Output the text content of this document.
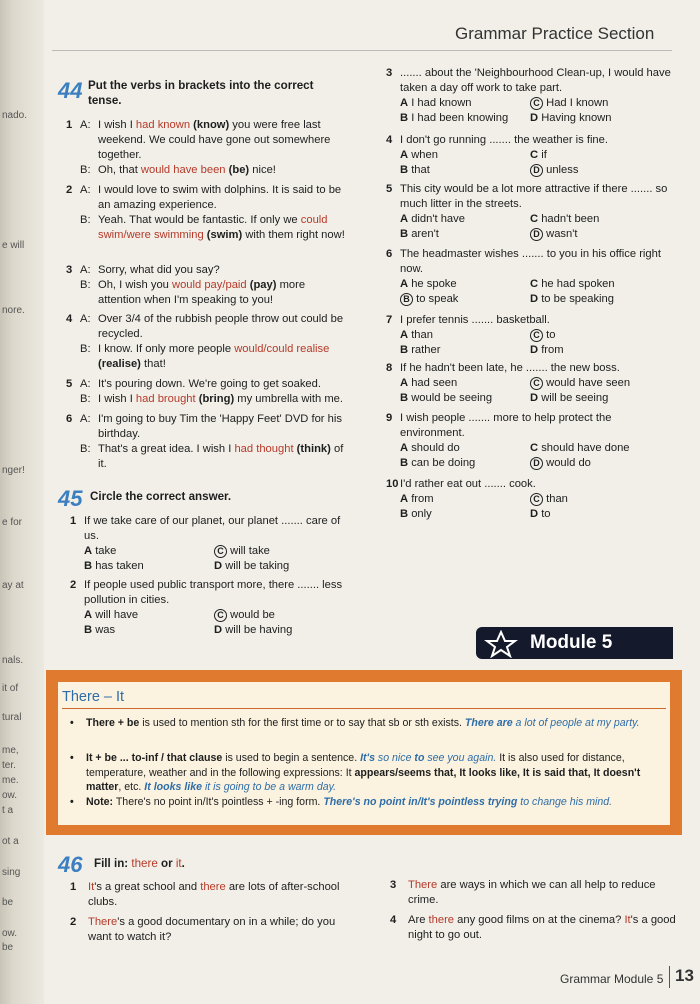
nado.
e will
nore.
nger!
e for
ay at
nals.
it of
tural
me,
ter.
me.
ow.
t a
ot a
sing
be
ow.
be
Grammar Practice Section
44 Put the verbs in brackets into the correct tense.
1 A: I wish I had known (know) you were free last weekend. We could have gone out somewhere together.
B: Oh, that would have been (be) nice!
2 A: I would love to swim with dolphins. It is said to be an amazing experience.
B: Yeah. That would be fantastic. If only we could swim/were swimming (swim) with them right now!
3 A: Sorry, what did you say?
B: Oh, I wish you would pay/paid (pay) more attention when I'm speaking to you!
4 A: Over 3/4 of the rubbish people throw out could be recycled.
B: I know. If only more people would/could realise (realise) that!
5 A: It's pouring down. We're going to get soaked.
B: I wish I had brought (bring) my umbrella with me.
6 A: I'm going to buy Tim the 'Happy Feet' DVD for his birthday.
B: That's a great idea. I wish I had thought (think) of it.
45 Circle the correct answer.
1 If we take care of our planet, our planet ....... care of us.
A take	C will take
B has taken	D will be taking
2 If people used public transport more, there ....... less pollution in cities.
A will have	C would be
B was	D will be having
3 ....... about the 'Neighbourhood Clean-up, I would have taken a day off work to take part.
A I had known	C Had I known
B I had been knowing D Having known
4 I don't go running ....... the weather is fine.
A when	C if
B that	D unless
5 This city would be a lot more attractive if there ....... so much litter in the streets.
A didn't have	C hadn't been
B aren't	D wasn't
6 The headmaster wishes ....... to you in his office right now.
A he spoke	C he had spoken
B to speak	D to be speaking
7 I prefer tennis ....... basketball.
A than	C to
B rather	D from
8 If he hadn't been late, he ....... the new boss.
A had seen	C would have seen
B would be seeing	D will be seeing
9 I wish people ....... more to help protect the environment.
A should do	C should have done
B can be doing	D would do
10 I'd rather eat out ....... cook.
A from	C than
B only	D to
Module 5
There – It
• There + be is used to mention sth for the first time or to say that sb or sth exists. There are a lot of people at my party.
• It + be ... to-inf / that clause is used to begin a sentence. It's so nice to see you again. It is also used for distance, temperature, weather and in the following expressions: It appears/seems that, It looks like, It is said that, It doesn't matter, etc. It looks like it is going to be a warm day.
• Note: There's no point in/It's pointless + -ing form. There's no point in/It's pointless trying to change his mind.
46 Fill in: there or it.
1 It's a great school and there are lots of after-school clubs.
2 There's a good documentary on in a while; do you want to watch it?
3 There are ways in which we can all help to reduce crime.
4 Are there any good films on at the cinema? It's a good night to go out.
Grammar Module 5 13
